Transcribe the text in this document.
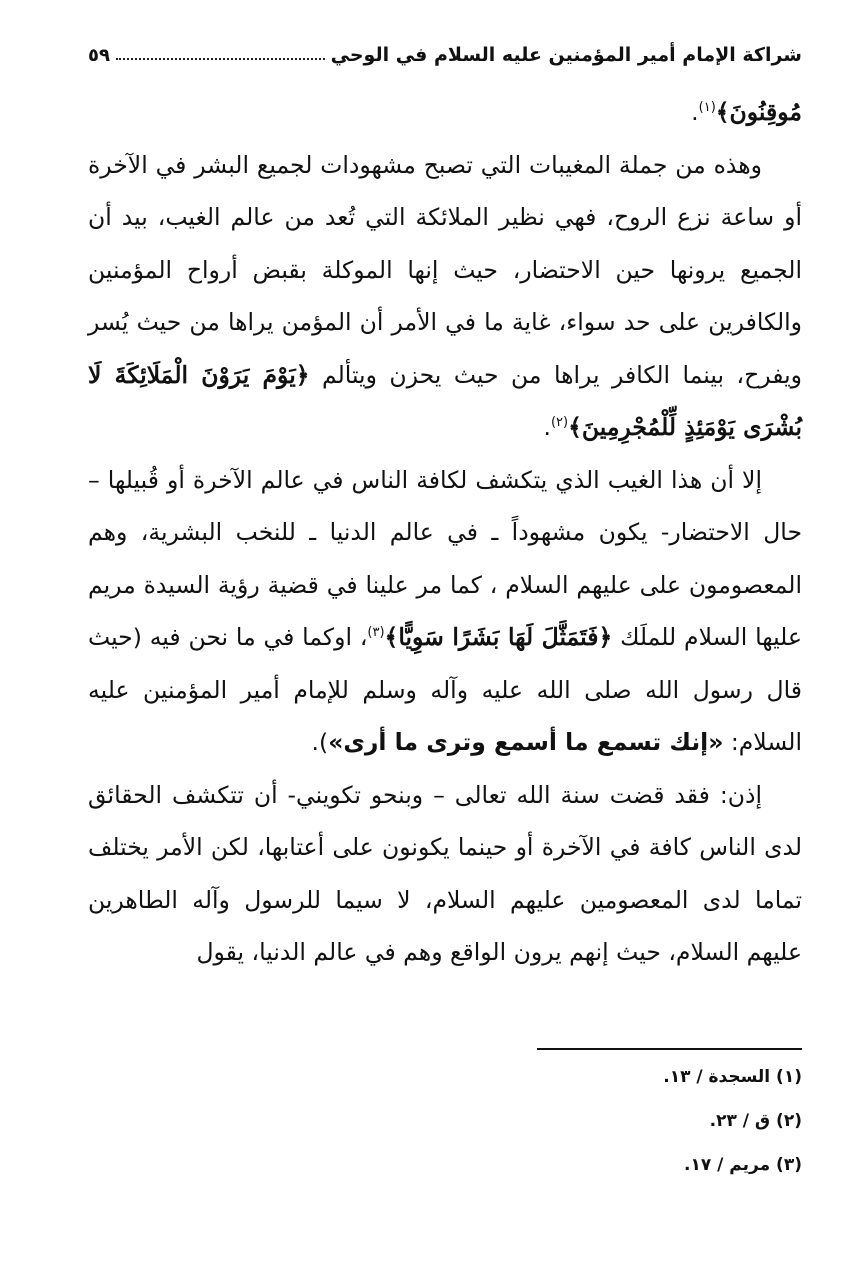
شراكة الإمام أمير المؤمنين عليه السلام في الوحي
٥٩

مُوقِنُونَ﴾$^{(١)}$.

وهذه من جملة المغيبات التي تصبح مشهودات لجميع البشر في الآخرة أو ساعة نزع الروح، فهي نظير الملائكة التي تُعد من عالم الغيب، بيد أن الجميع يرونها حين الاحتضار، حيث إنها الموكلة بقبض أرواح المؤمنين والكافرين على حد سواء، غاية ما في الأمر أن المؤمن يراها من حيث يُسر ويفرح، بينما الكافر يراها من حيث يحزن ويتألم ﴿يَوْمَ يَرَوْنَ الْمَلَائِكَةَ لَا بُشْرَى يَوْمَئِذٍ لِّلْمُجْرِمِينَ﴾$^{(٢)}$.

إلا أن هذا الغيب الذي يتكشف لكافة الناس في عالم الآخرة أو قُبيلها – حال الاحتضار- يكون مشهوداً ـ في عالم الدنيا ـ للنخب البشرية، وهم المعصومون على عليهم السلام ، كما مر علينا في قضية رؤية السيدة مريم عليها السلام للملَك ﴿فَتَمَثَّلَ لَهَا بَشَرًا سَوِيًّا﴾$^{(٣)}$، اوكما في ما نحن فيه (حيث قال رسول الله صلى الله عليه وآله وسلم للإمام أمير المؤمنين عليه السلام: «إنك تسمع ما أسمع وترى ما أرى»).

إذن: فقد قضت سنة الله تعالى – وبنحو تكويني- أن تتكشف الحقائق لدى الناس كافة في الآخرة أو حينما يكونون على أعتابها، لكن الأمر يختلف تماما لدى المعصومين عليهم السلام، لا سيما للرسول وآله الطاهرين عليهم السلام، حيث إنهم يرون الواقع وهم في عالم الدنيا، يقول

(١) السجدة / ١٣.
(٢) ق / ٢٣.
(٣) مريم / ١٧.
